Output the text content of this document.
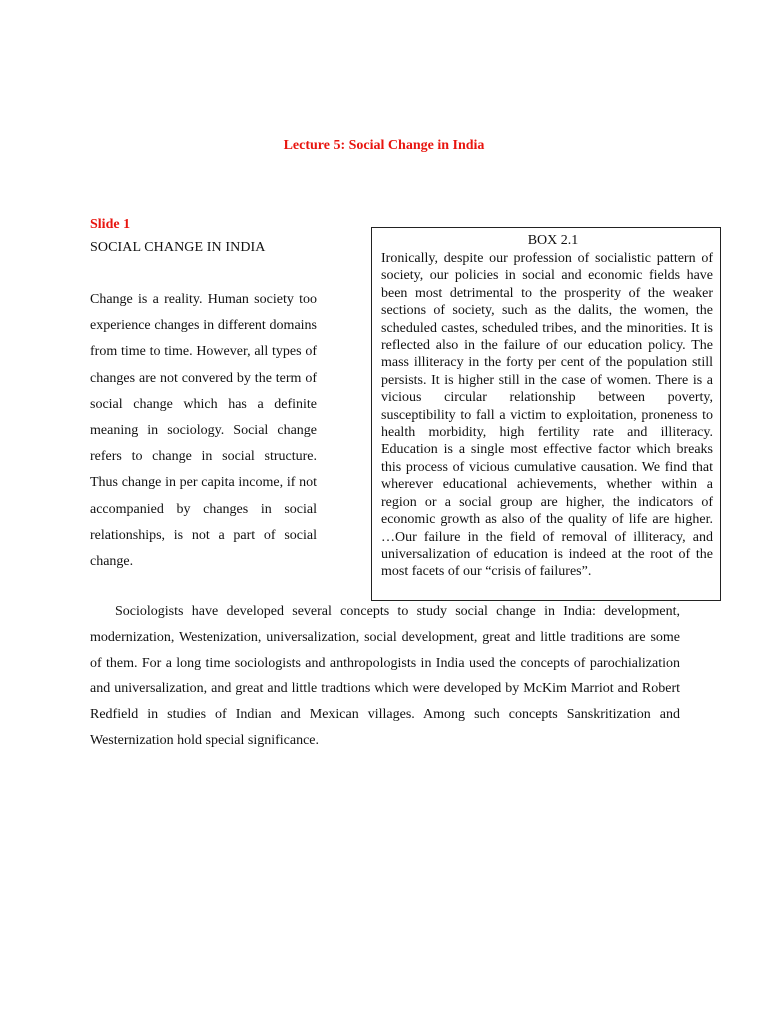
Lecture 5: Social Change in India
Slide 1
SOCIAL CHANGE IN INDIA
Change is a reality. Human society too experience changes in different domains from time to time. However, all types of changes are not convered by the term of social change which has a definite meaning in sociology. Social change refers to change in social structure. Thus change in per capita income, if not accompanied by changes in social relationships, is not a part of social change.
BOX 2.1

Ironically, despite our profession of socialistic pattern of society, our policies in social and economic fields have been most detrimental to the prosperity of the weaker sections of society, such as the dalits, the women, the scheduled castes, scheduled tribes, and the minorities. It is reflected also in the failure of our education policy. The mass illiteracy in the forty per cent of the population still persists. It is higher still in the case of women. There is a vicious circular relationship between poverty, susceptibility to fall a victim to exploitation, proneness to health morbidity, high fertility rate and illiteracy. Education is a single most effective factor which breaks this process of vicious cumulative causation. We find that wherever educational achievements, whether within a region or a social group are higher, the indicators of economic growth as also of the quality of life are higher. …Our failure in the field of removal of illiteracy, and universalization of education is indeed at the root of the most facets of our “crisis of failures”.

Sociologists have developed several concepts to study social change in India: development, modernization, Westenization, universalization, social development, great and little traditions are some of them. For a long time sociologists and anthropologists in India used the concepts of parochialization and universalization, and great and little tradtions which were developed by McKim Marriot and Robert Redfield in studies of Indian and Mexican villages. Among such concepts Sanskritization and Westernization hold special significance.
